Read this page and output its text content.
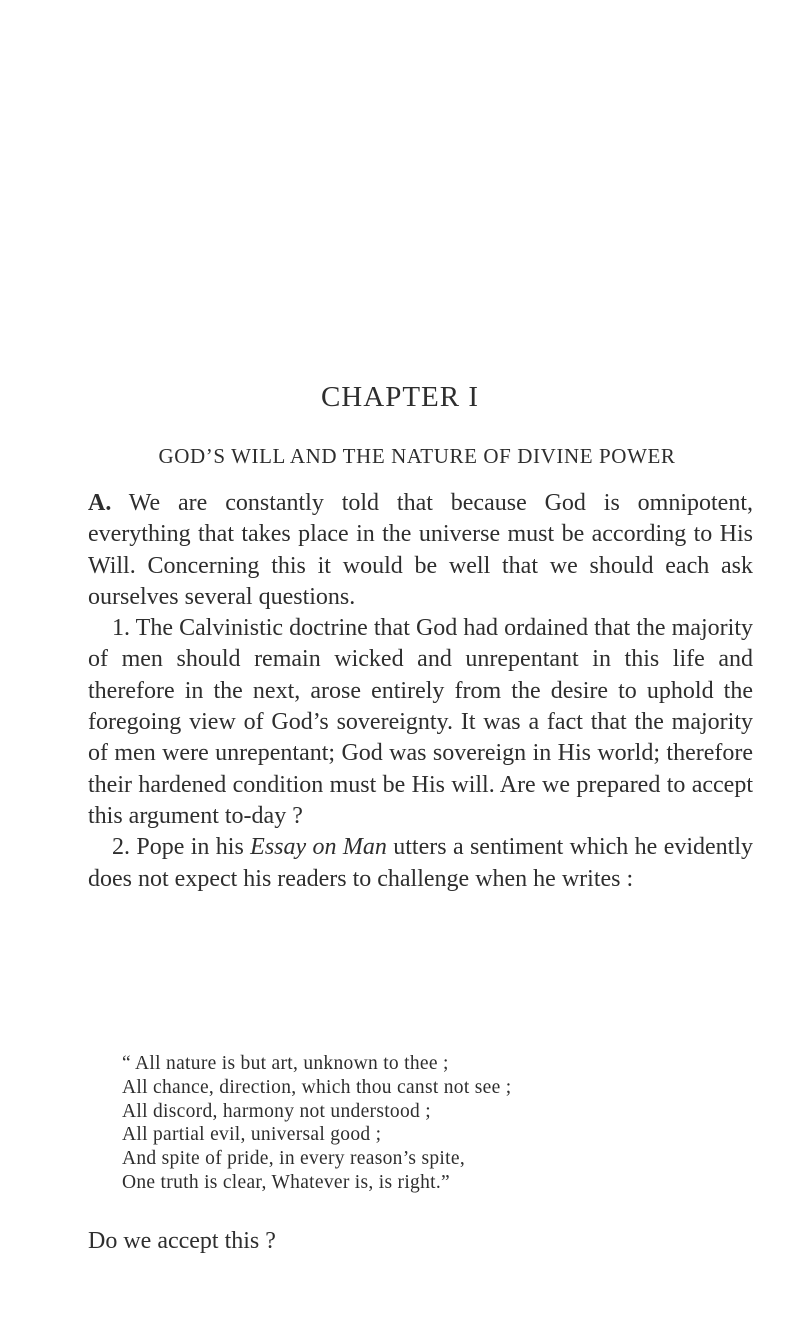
CHAPTER I
GOD’S WILL AND THE NATURE OF DIVINE POWER

A. We are constantly told that because God is omnipotent, everything that takes place in the universe must be according to His Will. Concerning this it would be well that we should each ask ourselves several questions.

1. The Calvinistic doctrine that God had ordained that the majority of men should remain wicked and unrepentant in this life and therefore in the next, arose entirely from the desire to uphold the foregoing view of God’s sovereignty. It was a fact that the majority of men were unrepentant; God was sovereign in His world; therefore their hardened condition must be His will. Are we prepared to accept this argument to-day ?

2. Pope in his Essay on Man utters a sentiment which he evidently does not expect his readers to challenge when he writes :

“ All nature is but art, unknown to thee ;
All chance, direction, which thou canst not see ;
All discord, harmony not understood ;
All partial evil, universal good ;
And spite of pride, in every reason’s spite,
One truth is clear, Whatever is, is right.”

Do we accept this ?
